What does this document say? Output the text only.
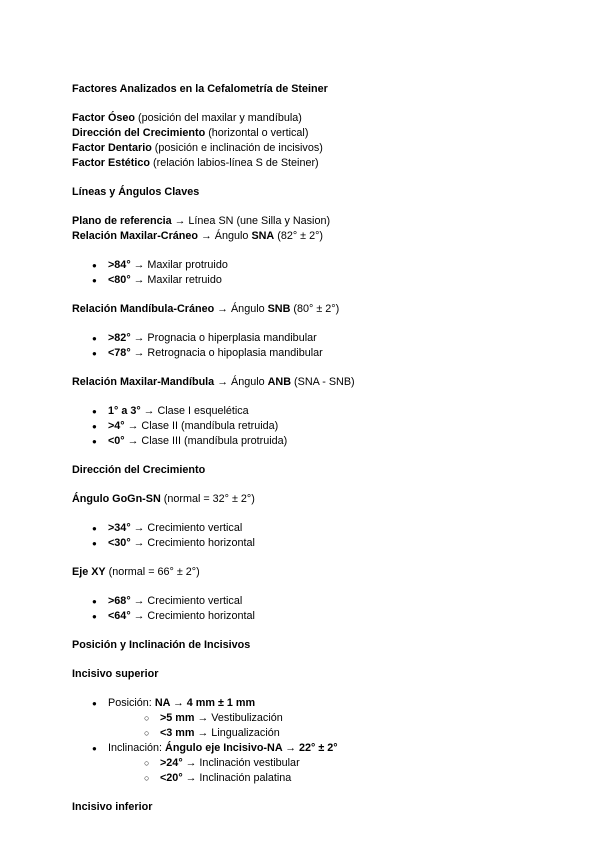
Factores Analizados en la Cefalometría de Steiner

Factor Óseo (posición del maxilar y mandíbula)

Dirección del Crecimiento (horizontal o vertical)

Factor Dentario (posición e inclinación de incisivos)

Factor Estético (relación labios-línea S de Steiner)

Líneas y Ángulos Claves

Plano de referencia → Línea SN (une Silla y Nasion)

Relación Maxilar-Cráneo → Ángulo SNA (82° ± 2°)

● >84° → Maxilar protruido
● <80° → Maxilar retruido

Relación Mandíbula-Cráneo → Ángulo SNB (80° ± 2°)

● >82° → Prognacia o hiperplasia mandibular
● <78° → Retrognacia o hipoplasia mandibular

Relación Maxilar-Mandíbula → Ángulo ANB (SNA - SNB)

● 1° a 3° → Clase I esquelética
● >4° → Clase II (mandíbula retruida)
● <0° → Clase III (mandíbula protruida)

Dirección del Crecimiento

Ángulo GoGn-SN (normal = 32° ± 2°)

● >34° → Crecimiento vertical
● <30° → Crecimiento horizontal

Eje XY (normal = 66° ± 2°)

● >68° → Crecimiento vertical
● <64° → Crecimiento horizontal

Posición y Inclinación de Incisivos

Incisivo superior

● Posición: NA → 4 mm ± 1 mm
○ >5 mm → Vestibulización
○ <3 mm → Lingualización
● Inclinación: Ángulo eje Incisivo-NA → 22° ± 2°
○ >24° → Inclinación vestibular
○ <20° → Inclinación palatina

Incisivo inferior
